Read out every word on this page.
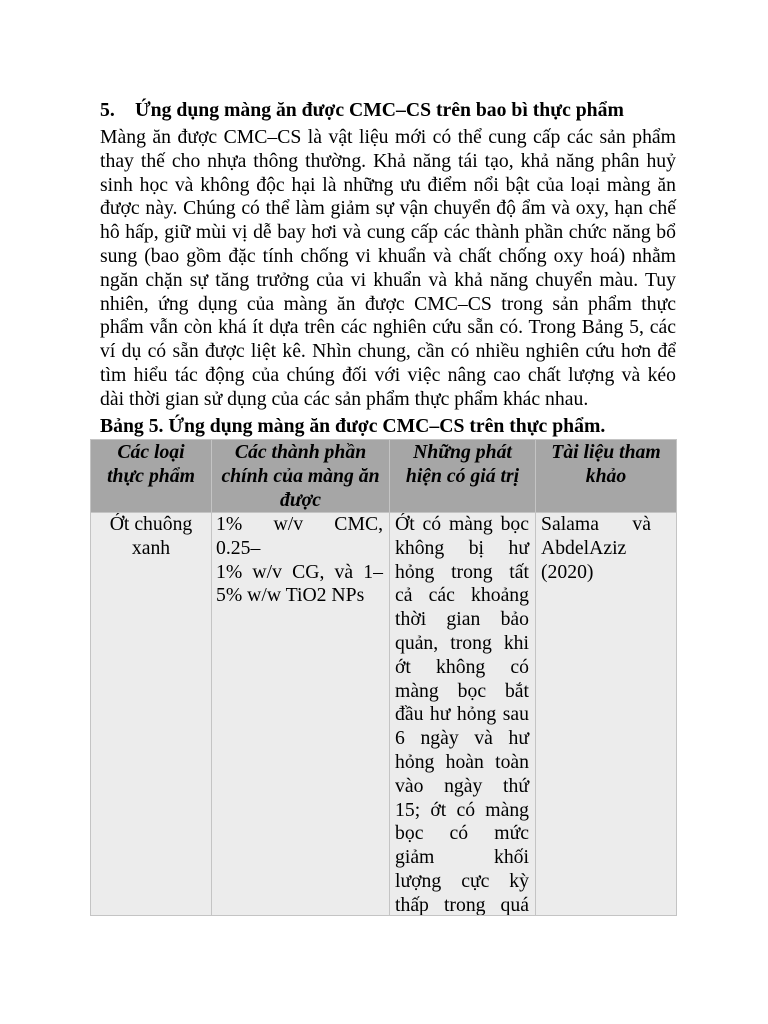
5. Ứng dụng màng ăn được CMC–CS trên bao bì thực phẩm
Màng ăn được CMC–CS là vật liệu mới có thể cung cấp các sản phẩm
thay thế cho nhựa thông thường. Khả năng tái tạo, khả năng phân huỷ
sinh học và không độc hại là những ưu điểm nổi bật của loại màng ăn
được này. Chúng có thể làm giảm sự vận chuyển độ ẩm và oxy, hạn chế
hô hấp, giữ mùi vị dễ bay hơi và cung cấp các thành phần chức năng bổ
sung (bao gồm đặc tính chống vi khuẩn và chất chống oxy hoá) nhằm
ngăn chặn sự tăng trưởng của vi khuẩn và khả năng chuyển màu. Tuy
nhiên, ứng dụng của màng ăn được CMC–CS trong sản phẩm thực
phẩm vẫn còn khá ít dựa trên các nghiên cứu sẵn có. Trong Bảng 5, các
ví dụ có sẵn được liệt kê. Nhìn chung, cần có nhiều nghiên cứu hơn để
tìm hiểu tác động của chúng đối với việc nâng cao chất lượng và kéo
dài thời gian sử dụng của các sản phẩm thực phẩm khác nhau.
Bảng 5. Ứng dụng màng ăn được CMC–CS trên thực phẩm.
Các loại
thực phẩm
Các thành phần
chính của màng ăn
được
Những phát
hiện có giá trị
Tài liệu tham
khảo
Ớt chuông
xanh
1% w/v CMC,
0.25–
1% w/v CG, và 1–
5% w/w TiO2 NPs
Ớt có màng bọc
không bị hư
hỏng trong tất
cả các khoảng
thời gian bảo
quản, trong khi
ớt không có
màng bọc bắt
đầu hư hỏng sau
6 ngày và hư
hỏng hoàn toàn
vào ngày thứ
15; ớt có màng
bọc có mức
giảm khối
lượng cực kỳ
thấp trong quá
Salama và
AbdelAziz
(2020)
